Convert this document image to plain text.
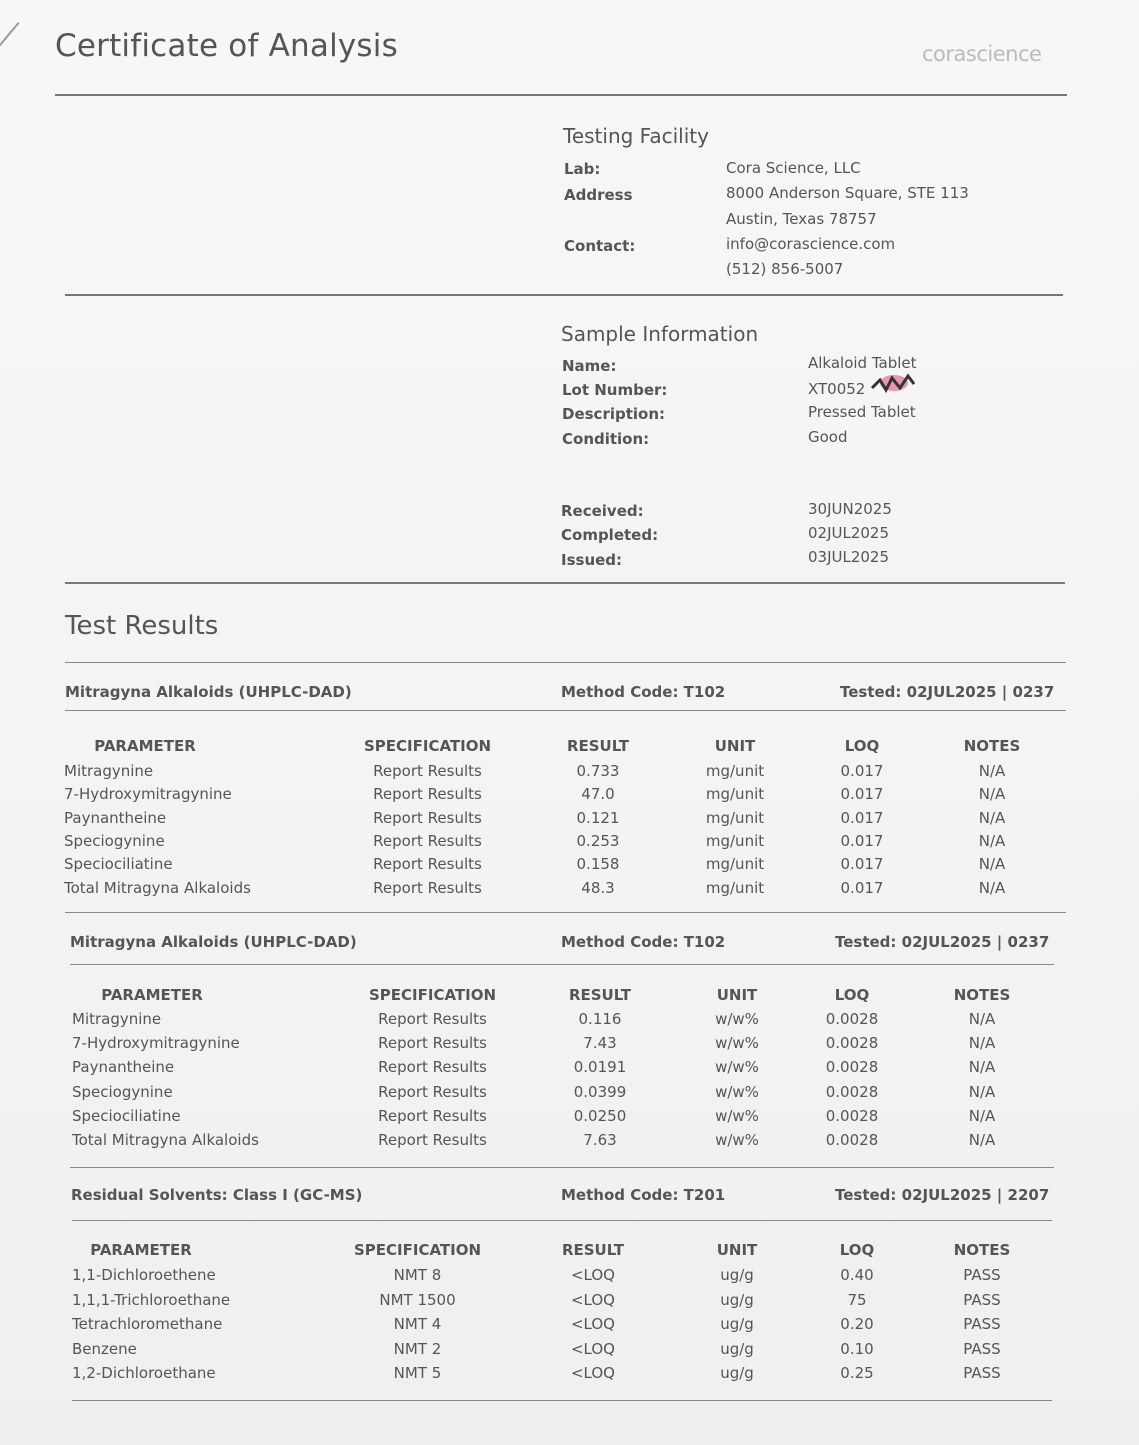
Certificate of Analysis	corascience
Testing Facility
Lab:	Cora Science, LLC
Address	8000 Anderson Square, STE 113
Austin, Texas 78757
Contact:	info@corascience.com
(512) 856-5007
Sample Information
Name:	Alkaloid Tablet
Lot Number:	XT0052
Description:	Pressed Tablet
Condition:	Good
Received:	30JUN2025
Completed:	02JUL2025
Issued:	03JUL2025
Test Results
Mitragyna Alkaloids (UHPLC-DAD)	Method Code: T102	Tested: 02JUL2025 | 0237
PARAMETER	SPECIFICATION	RESULT	UNIT	LOQ	NOTES
Mitragynine	Report Results	0.733	mg/unit	0.017	N/A
7-Hydroxymitragynine	Report Results	47.0	mg/unit	0.017	N/A
Paynantheine	Report Results	0.121	mg/unit	0.017	N/A
Speciogynine	Report Results	0.253	mg/unit	0.017	N/A
Speciociliatine	Report Results	0.158	mg/unit	0.017	N/A
Total Mitragyna Alkaloids	Report Results	48.3	mg/unit	0.017	N/A
Mitragyna Alkaloids (UHPLC-DAD)	Method Code: T102	Tested: 02JUL2025 | 0237
PARAMETER	SPECIFICATION	RESULT	UNIT	LOQ	NOTES
Mitragynine	Report Results	0.116	w/w%	0.0028	N/A
7-Hydroxymitragynine	Report Results	7.43	w/w%	0.0028	N/A
Paynantheine	Report Results	0.0191	w/w%	0.0028	N/A
Speciogynine	Report Results	0.0399	w/w%	0.0028	N/A
Speciociliatine	Report Results	0.0250	w/w%	0.0028	N/A
Total Mitragyna Alkaloids	Report Results	7.63	w/w%	0.0028	N/A
Residual Solvents: Class I (GC-MS)	Method Code: T201	Tested: 02JUL2025 | 2207
PARAMETER	SPECIFICATION	RESULT	UNIT	LOQ	NOTES
1,1-Dichloroethene	NMT 8	<LOQ	ug/g	0.40	PASS
1,1,1-Trichloroethane	NMT 1500	<LOQ	ug/g	75	PASS
Tetrachloromethane	NMT 4	<LOQ	ug/g	0.20	PASS
Benzene	NMT 2	<LOQ	ug/g	0.10	PASS
1,2-Dichloroethane	NMT 5	<LOQ	ug/g	0.25	PASS
